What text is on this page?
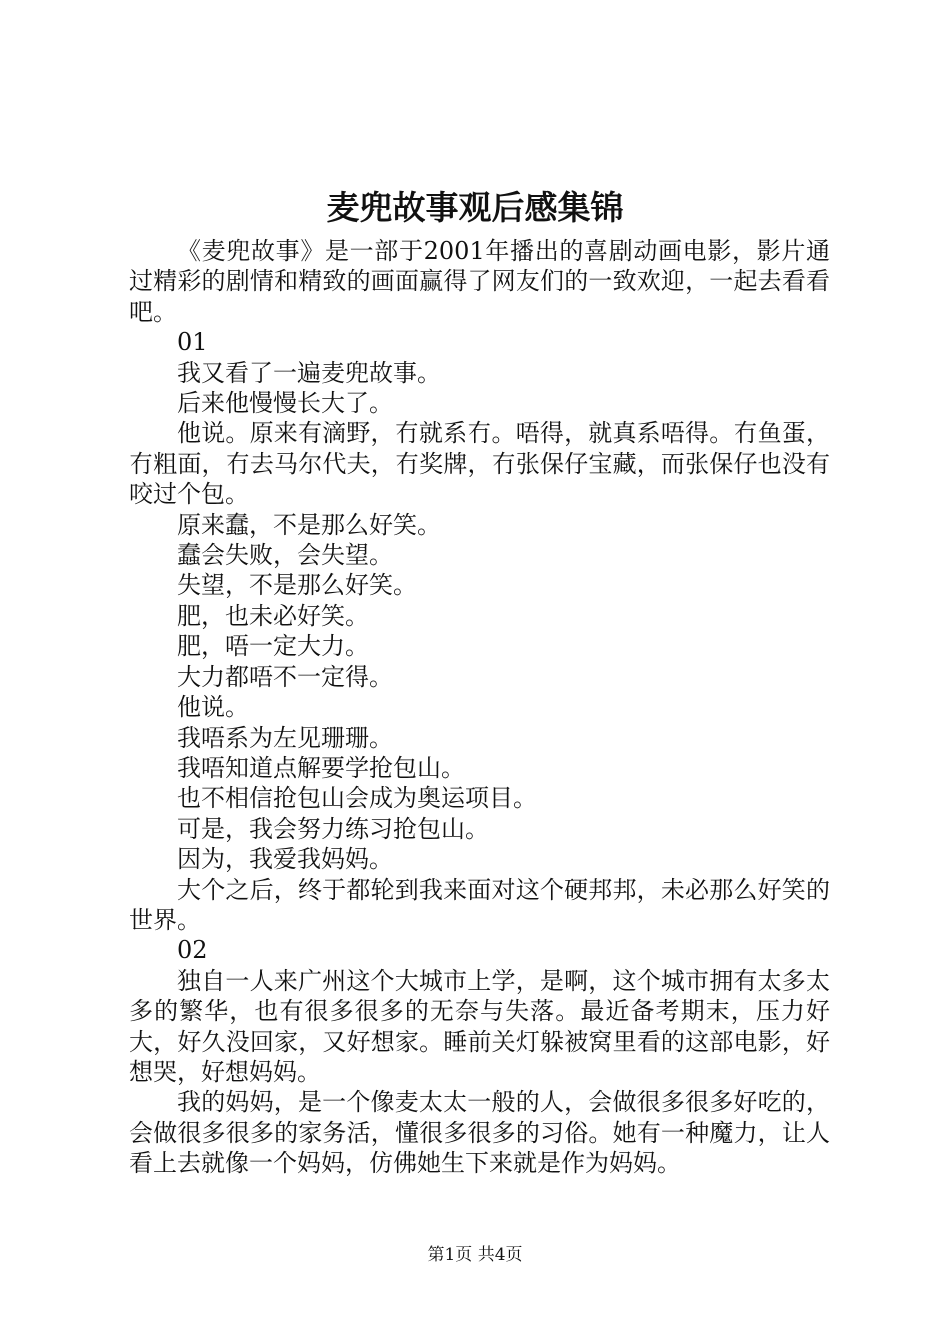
麦兜故事观后感集锦

《麦兜故事》是一部于2001年播出的喜剧动画电影，影片通过精彩的剧情和精致的画面赢得了网友们的一致欢迎，一起去看看吧。

01

我又看了一遍麦兜故事。

后来他慢慢长大了。

他说。原来有滴野，冇就系冇。唔得，就真系唔得。冇鱼蛋，冇粗面，冇去马尔代夫，冇奖牌，冇张保仔宝藏，而张保仔也没有咬过个包。

原来蠢，不是那么好笑。

蠢会失败，会失望。

失望，不是那么好笑。

肥，也未必好笑。

肥，唔一定大力。

大力都唔不一定得。

他说。

我唔系为左见珊珊。

我唔知道点解要学抢包山。

也不相信抢包山会成为奥运项目。

可是，我会努力练习抢包山。

因为，我爱我妈妈。

大个之后，终于都轮到我来面对这个硬邦邦，未必那么好笑的世界。

02

独自一人来广州这个大城市上学，是啊，这个城市拥有太多太多的繁华，也有很多很多的无奈与失落。最近备考期末，压力好大，好久没回家，又好想家。睡前关灯躲被窝里看的这部电影，好想哭，好想妈妈。

我的妈妈，是一个像麦太太一般的人，会做很多很多好吃的，会做很多很多的家务活，懂很多很多的习俗。她有一种魔力，让人看上去就像一个妈妈，仿佛她生下来就是作为妈妈。

第1页 共4页
